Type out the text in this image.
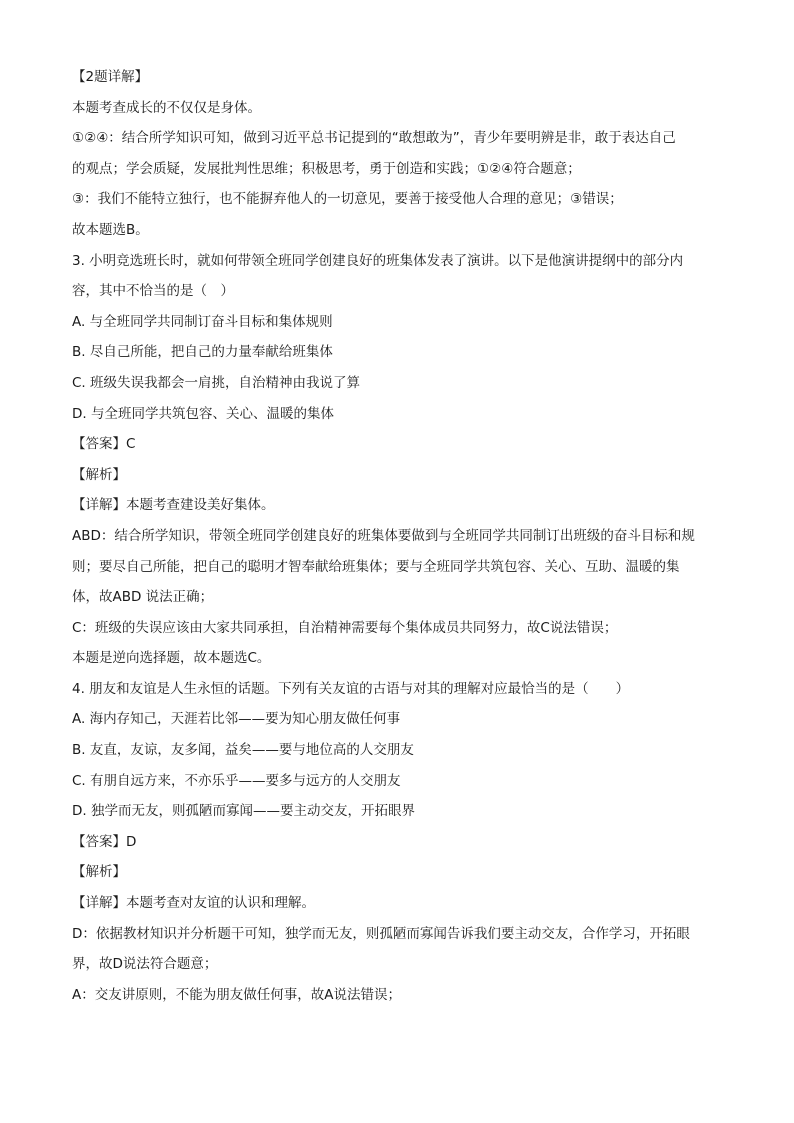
【2题详解】
本题考查成长的不仅仅是身体。
①②④：结合所学知识可知，做到习近平总书记提到的“敢想敢为”，青少年要明辨是非，敢于表达自己
的观点；学会质疑，发展批判性思维；积极思考，勇于创造和实践；①②④符合题意；
③：我们不能特立独行，也不能摒弃他人的一切意见，要善于接受他人合理的意见；③错误；
故本题选B。
3. 小明竞选班长时，就如何带领全班同学创建良好的班集体发表了演讲。以下是他演讲提纲中的部分内
容，其中不恰当的是（　）
A. 与全班同学共同制订奋斗目标和集体规则
B. 尽自己所能，把自己的力量奉献给班集体
C. 班级失误我都会一肩挑，自治精神由我说了算
D. 与全班同学共筑包容、关心、温暖的集体
【答案】C
【解析】
【详解】本题考查建设美好集体。
ABD：结合所学知识，带领全班同学创建良好的班集体要做到与全班同学共同制订出班级的奋斗目标和规
则；要尽自己所能，把自己的聪明才智奉献给班集体；要与全班同学共筑包容、关心、互助、温暖的集
体，故ABD 说法正确；
C：班级的失误应该由大家共同承担，自治精神需要每个集体成员共同努力，故C说法错误；
本题是逆向选择题，故本题选C。
4. 朋友和友谊是人生永恒的话题。下列有关友谊的古语与对其的理解对应最恰当的是（　　）
A. 海内存知己，天涯若比邻——要为知心朋友做任何事
B. 友直，友谅，友多闻，益矣——要与地位高的人交朋友
C. 有朋自远方来，不亦乐乎——要多与远方的人交朋友
D. 独学而无友，则孤陋而寡闻——要主动交友，开拓眼界
【答案】D
【解析】
【详解】本题考查对友谊的认识和理解。
D：依据教材知识并分析题干可知，独学而无友，则孤陋而寡闻告诉我们要主动交友，合作学习，开拓眼
界，故D说法符合题意；
A：交友讲原则，不能为朋友做任何事，故A说法错误；
